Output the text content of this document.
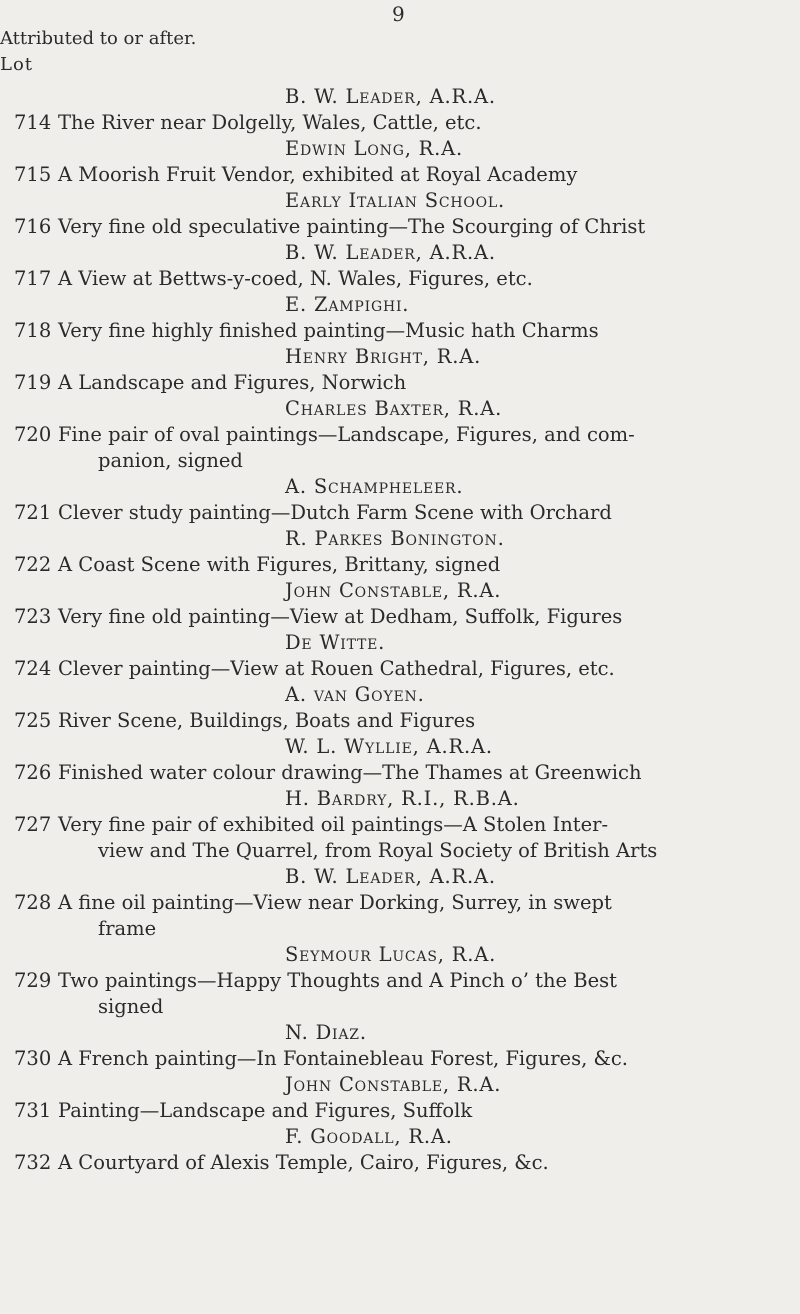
9
Attributed to or after.
Lot
B. W. Leader, A.R.A.
714 The River near Dolgelly, Wales, Cattle, etc.
Edwin Long, R.A.
715 A Moorish Fruit Vendor, exhibited at Royal Academy
Early Italian School.
716 Very fine old speculative painting—The Scourging of Christ
B. W. Leader, A.R.A.
717 A View at Bettws-y-coed, N. Wales, Figures, etc.
E. Zampighi.
718 Very fine highly finished painting—Music hath Charms
Henry Bright, R.A.
719 A Landscape and Figures, Norwich
Charles Baxter, R.A.
720 Fine pair of oval paintings—Landscape, Figures, and com-
panion, signed
A. Schampheleer.
721 Clever study painting—Dutch Farm Scene with Orchard
R. Parkes Bonington.
722 A Coast Scene with Figures, Brittany, signed
John Constable, R.A.
723 Very fine old painting—View at Dedham, Suffolk, Figures
De Witte.
724 Clever painting—View at Rouen Cathedral, Figures, etc.
A. van Goyen.
725 River Scene, Buildings, Boats and Figures
W. L. Wyllie, A.R.A.
726 Finished water colour drawing—The Thames at Greenwich
H. Bardry, R.I., R.B.A.
727 Very fine pair of exhibited oil paintings—A Stolen Inter-
view and The Quarrel, from Royal Society of British Arts
B. W. Leader, A.R.A.
728 A fine oil painting—View near Dorking, Surrey, in swept
frame
Seymour Lucas, R.A.
729 Two paintings—Happy Thoughts and A Pinch o’ the Best
signed
N. Diaz.
730 A French painting—In Fontainebleau Forest, Figures, &c.
John Constable, R.A.
731 Painting—Landscape and Figures, Suffolk
F. Goodall, R.A.
732 A Courtyard of Alexis Temple, Cairo, Figures, &c.
